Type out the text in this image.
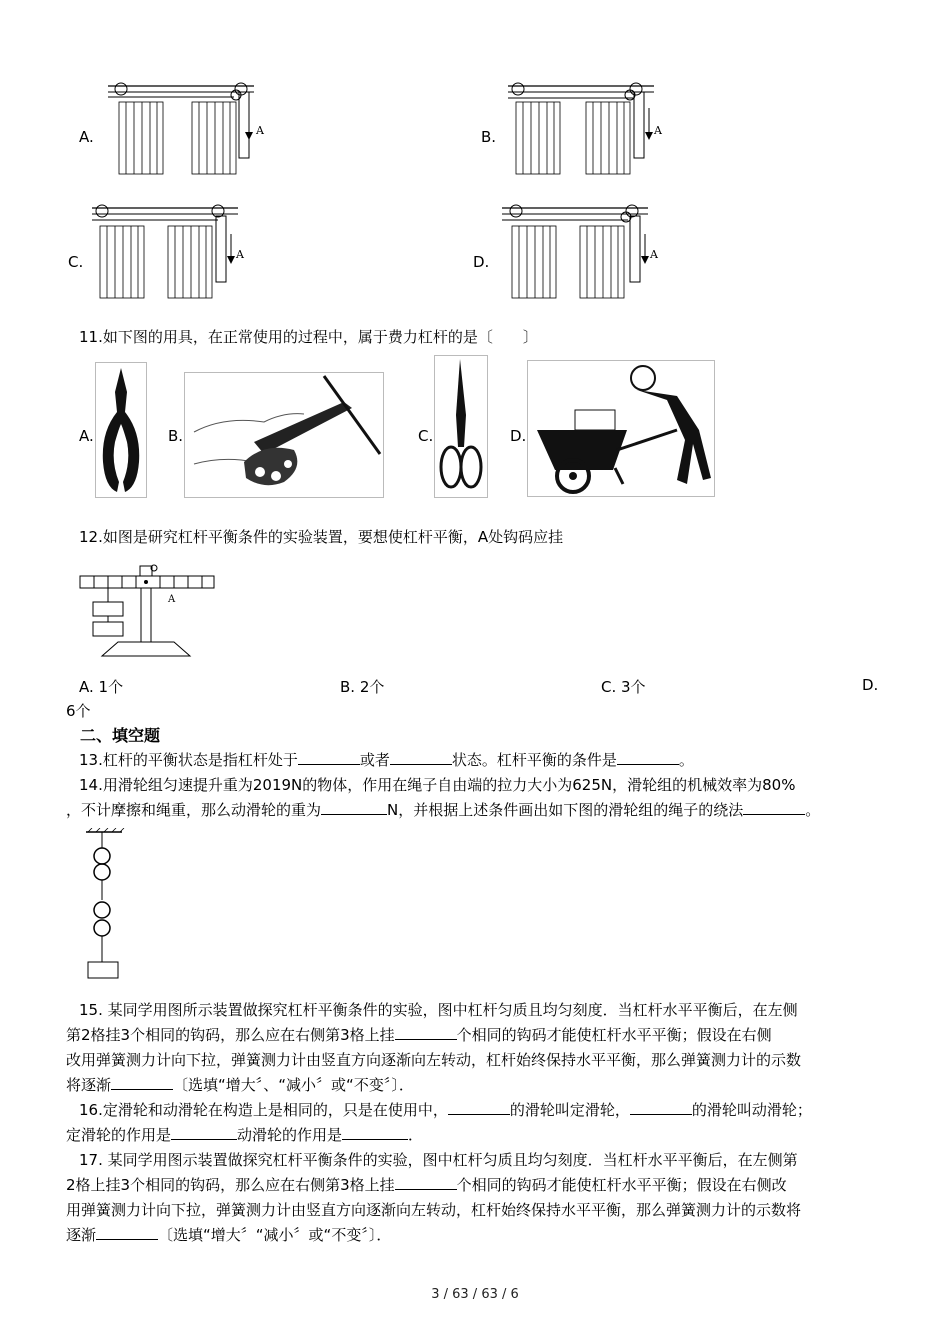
A.	B.
C.	D.
A	A
A	A
11.如下图的用具，在正常使用的过程中，属于费力杠杆的是〔　　〕
A.	B.	C.	D.
12.如图是研究杠杆平衡条件的实验装置，要想使杠杆平衡，A处钩码应挂
A
A. 1个	B. 2个	C. 3个	D.
6个
二、填空题
13.杠杆的平衡状态是指杠杆处于	或者	状态。杠杆平衡的条件是	。
14.用滑轮组匀速提升重为2019N的物体，作用在绳子自由端的拉力大小为625N，滑轮组的机械效率为80%
，不计摩擦和绳重，那么动滑轮的重为	N，并根据上述条件画出如下图的滑轮组的绳子的绕法	。
15. 某同学用图所示装置做探究杠杆平衡条件的实验，图中杠杆匀质且均匀刻度．当杠杆水平平衡后，在左侧
第2格挂3个相同的钩码，那么应在右侧第3格上挂	个相同的钩码才能使杠杆水平平衡；假设在右侧
改用弹簧测力计向下拉，弹簧测力计由竖直方向逐渐向左转动，杠杆始终保持水平平衡，那么弹簧测力计的示数
将逐渐	〔选填“增大〞、“减小〞或“不变〞〕．
16.定滑轮和动滑轮在构造上是相同的，只是在使用中，	的滑轮叫定滑轮，	的滑轮叫动滑轮；
定滑轮的作用是	动滑轮的作用是	．
17. 某同学用图示装置做探究杠杆平衡条件的实验，图中杠杆匀质且均匀刻度．当杠杆水平平衡后，在左侧第
2格上挂3个相同的钩码，那么应在右侧第3格上挂	个相同的钩码才能使杠杆水平平衡；假设在右侧改
用弹簧测力计向下拉，弹簧测力计由竖直方向逐渐向左转动，杠杆始终保持水平平衡，那么弹簧测力计的示数将
逐渐	〔选填“增大〞“减小〞或“不变〞〕．
3 / 63 / 63 / 6
